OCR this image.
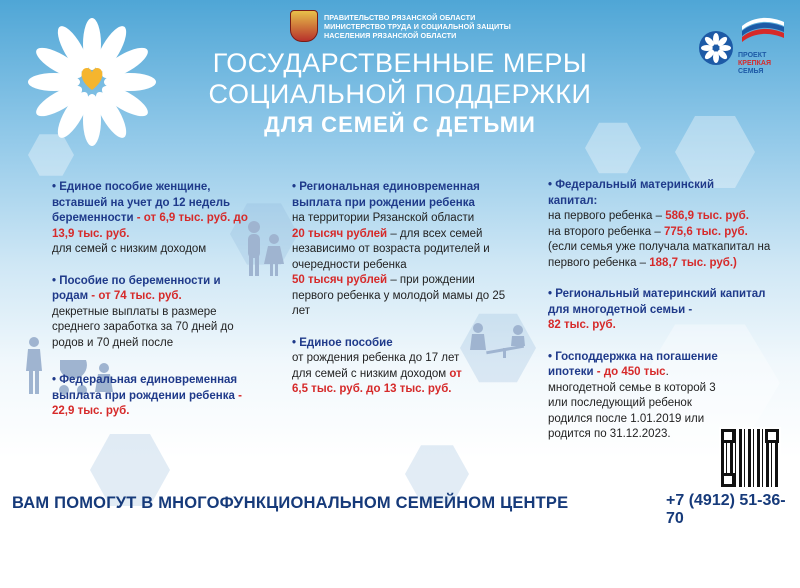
ПРАВИТЕЛЬСТВО РЯЗАНСКОЙ ОБЛАСТИ
МИНИСТЕРСТВО ТРУДА И СОЦИАЛЬНОЙ ЗАЩИТЫ
НАСЕЛЕНИЯ РЯЗАНСКОЙ ОБЛАСТИ
ПРОЕКТ
КРЕПКАЯ
СЕМЬЯ
ГОСУДАРСТВЕННЫЕ МЕРЫ
СОЦИАЛЬНОЙ ПОДДЕРЖКИ
ДЛЯ СЕМЕЙ С ДЕТЬМИ

• Единое пособие женщине, вставшей на учет до 12 недель беременности - от 6,9 тыс. руб. до 13,9 тыс. руб.

для семей с низким доходом

• Пособие по беременности и родам - от 74 тыс. руб.

декретные выплаты в размере среднего заработка за 70 дней до родов и 70 дней после

• Федеральная единовременная выплата при рождении ребенка - 22,9 тыс. руб.

• Региональная единовременная выплата при рождении ребенка

на территории Рязанской области

20 тысяч рублей – для всех семей независимо от возраста родителей и очередности ребенка

50 тысяч рублей – при рождении первого ребенка у молодой мамы до 25 лет

• Единое пособие

от рождения ребенка до 17 лет для семей с низким доходом от 6,5 тыс. руб. до 13 тыс. руб.

• Федеральный материнский капитал:

на первого ребенка – 586,9 тыс. руб.

на второго ребенка – 775,6 тыс. руб.

(если семья уже получала маткапитал на первого ребенка – 188,7 тыс. руб.)

• Региональный материнский капитал для многодетной семьи -

82 тыс. руб.

• Господдержка на погашение ипотеки - до 450 тыс.

многодетной семье в которой 3 или последующий ребенок родился после 1.01.2019 или родится по 31.12.2023.

ВАМ ПОМОГУТ В МНОГОФУНКЦИОНАЛЬНОМ СЕМЕЙНОМ ЦЕНТРЕ	+7 (4912) 51-36-70
